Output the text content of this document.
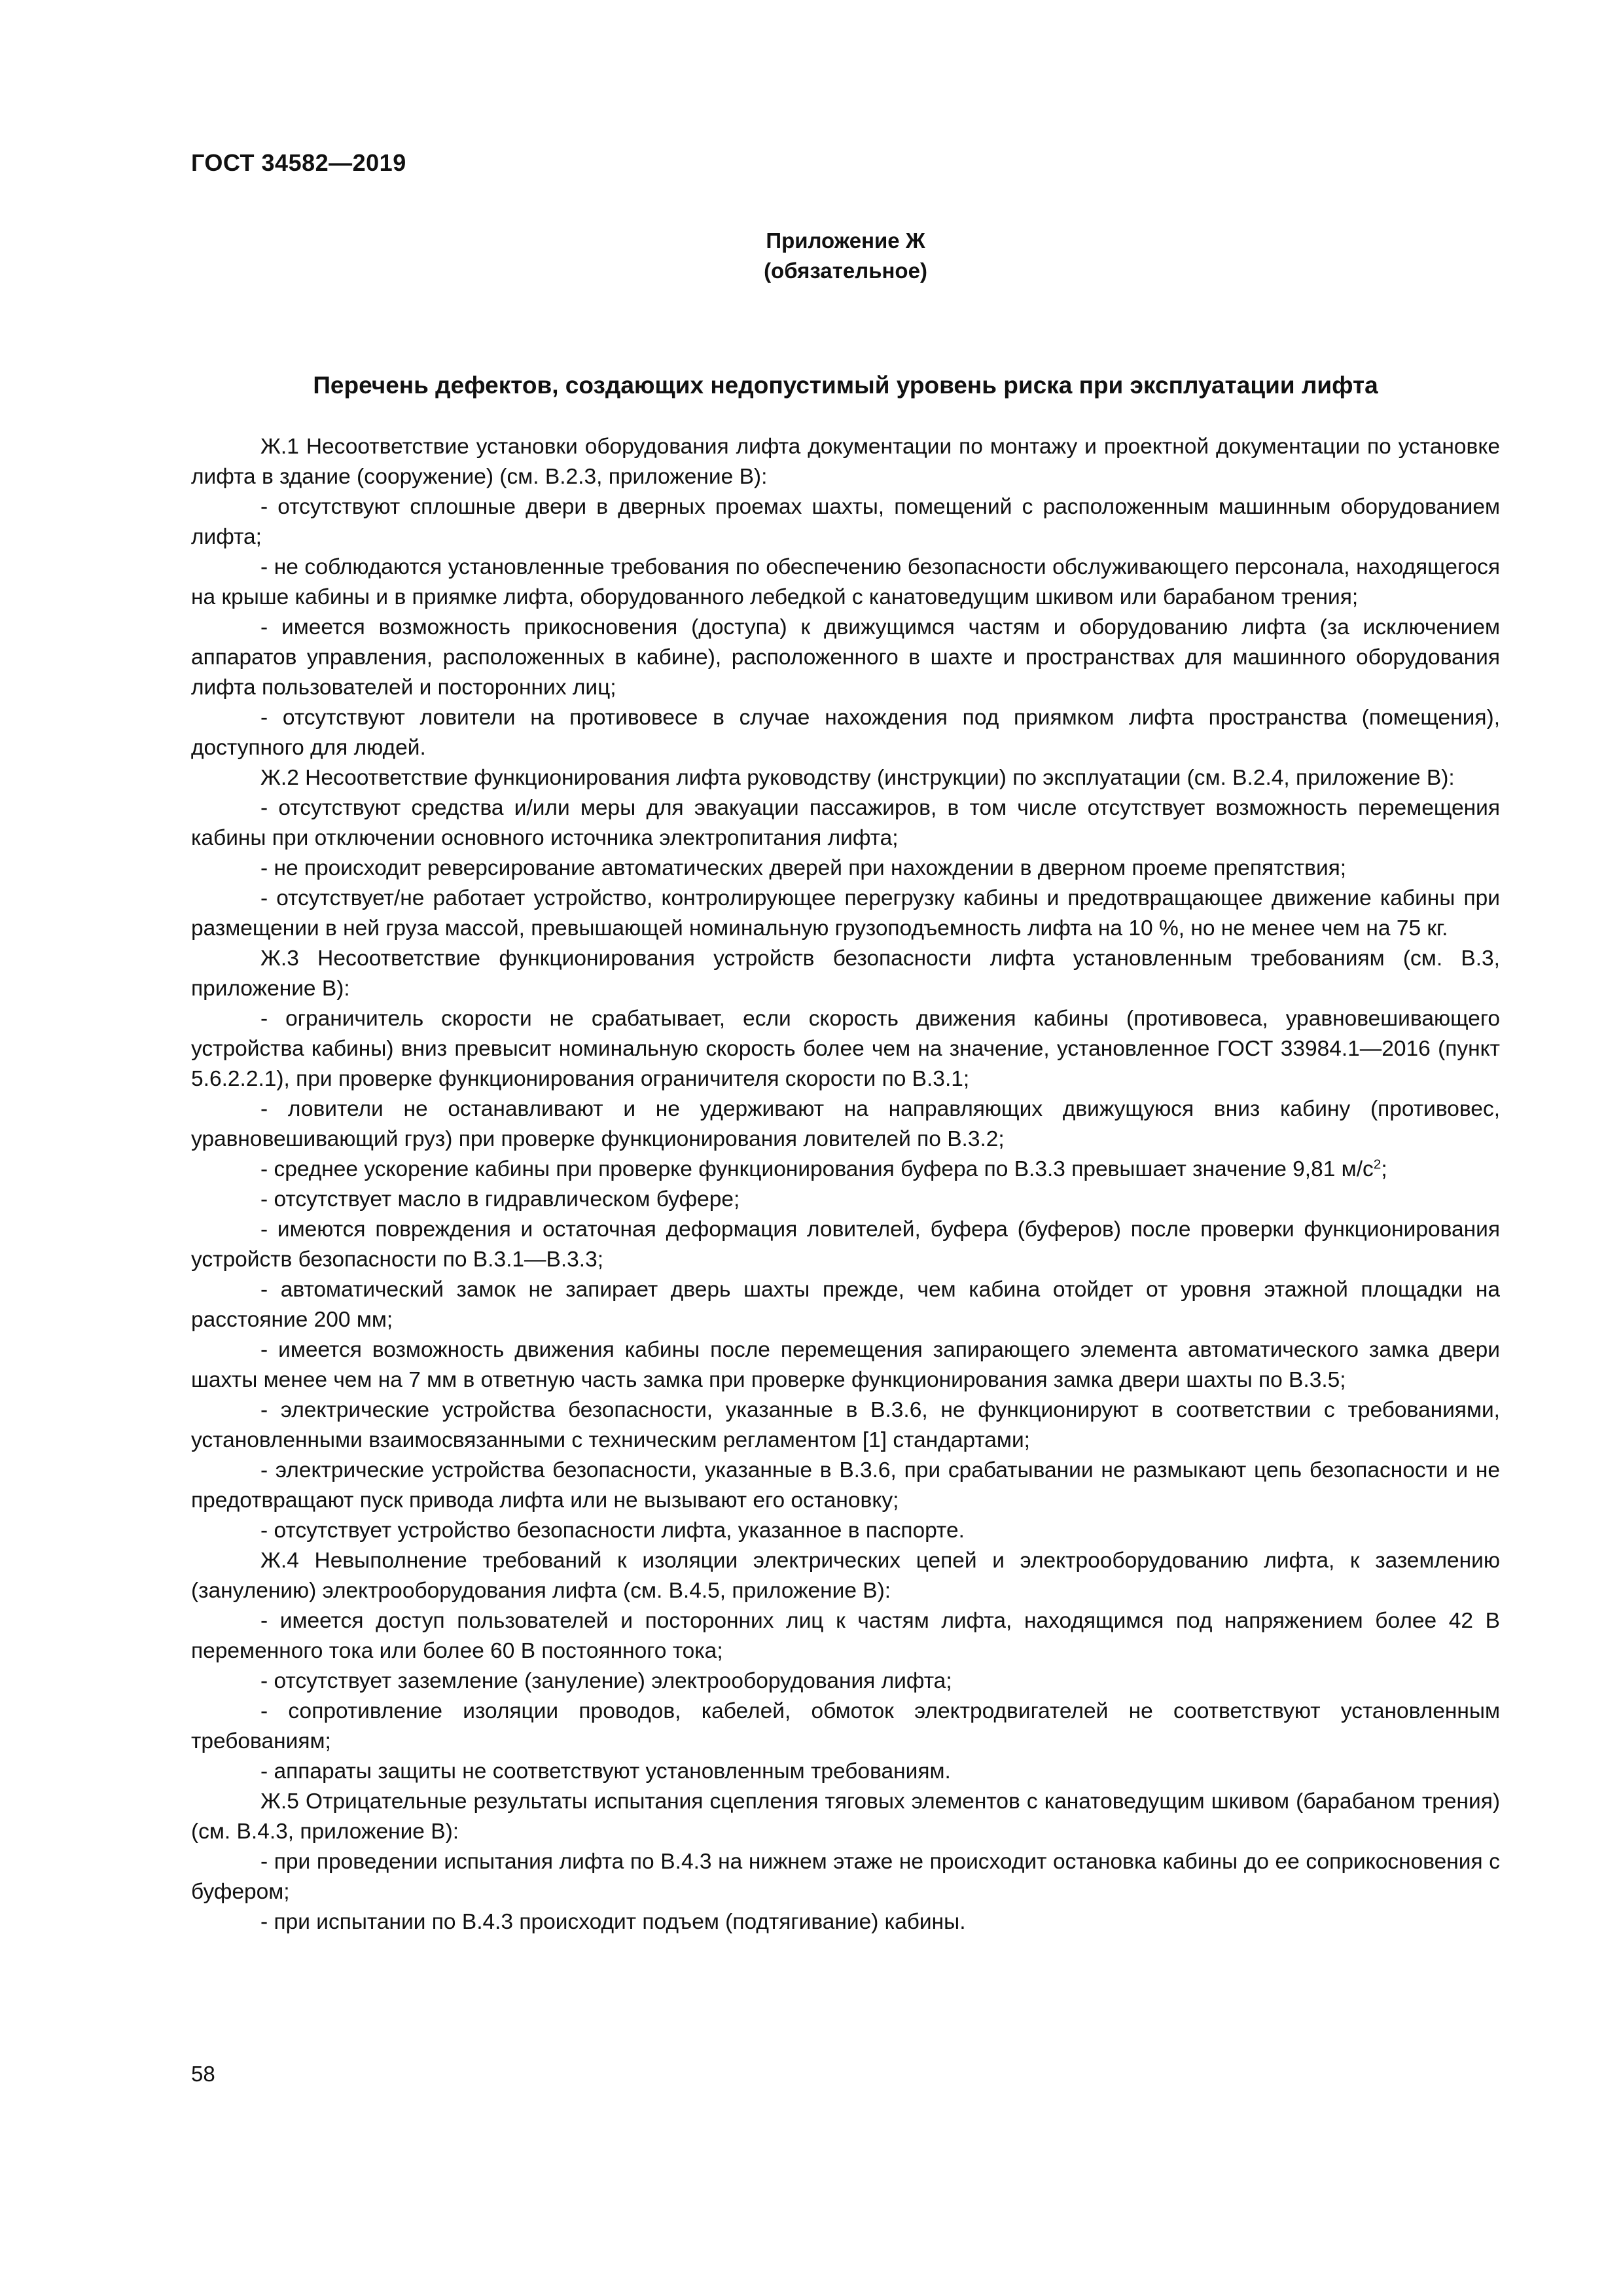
ГОСТ 34582—2019
Приложение Ж
(обязательное)
Перечень дефектов, создающих недопустимый уровень риска при эксплуатации лифта

Ж.1 Несоответствие установки оборудования лифта документации по монтажу и проектной документации по установке лифта в здание (сооружение) (см. В.2.3, приложение В):

- отсутствуют сплошные двери в дверных проемах шахты, помещений с расположенным машинным оборудованием лифта;

- не соблюдаются установленные требования по обеспечению безопасности обслуживающего персонала, находящегося на крыше кабины и в приямке лифта, оборудованного лебедкой с канатоведущим шкивом или барабаном трения;

- имеется возможность прикосновения (доступа) к движущимся частям и оборудованию лифта (за исключением аппаратов управления, расположенных в кабине), расположенного в шахте и пространствах для машинного оборудования лифта пользователей и посторонних лиц;

- отсутствуют ловители на противовесе в случае нахождения под приямком лифта пространства (помещения), доступного для людей.

Ж.2 Несоответствие функционирования лифта руководству (инструкции) по эксплуатации (см. В.2.4, приложение В):

- отсутствуют средства и/или меры для эвакуации пассажиров, в том числе отсутствует возможность перемещения кабины при отключении основного источника электропитания лифта;

- не происходит реверсирование автоматических дверей при нахождении в дверном проеме препятствия;

- отсутствует/не работает устройство, контролирующее перегрузку кабины и предотвращающее движение кабины при размещении в ней груза массой, превышающей номинальную грузоподъемность лифта на 10 %, но не менее чем на 75 кг.

Ж.3 Несоответствие функционирования устройств безопасности лифта установленным требованиям (см. В.3, приложение В):

- ограничитель скорости не срабатывает, если скорость движения кабины (противовеса, уравновешивающего устройства кабины) вниз превысит номинальную скорость более чем на значение, установленное ГОСТ 33984.1—2016 (пункт 5.6.2.2.1), при проверке функционирования ограничителя скорости по В.3.1;

- ловители не останавливают и не удерживают на направляющих движущуюся вниз кабину (противовес, уравновешивающий груз) при проверке функционирования ловителей по В.3.2;

- среднее ускорение кабины при проверке функционирования буфера по В.3.3 превышает значение 9,81 $м/с^2$;

- отсутствует масло в гидравлическом буфере;

- имеются повреждения и остаточная деформация ловителей, буфера (буферов) после проверки функционирования устройств безопасности по В.3.1—В.3.3;

- автоматический замок не запирает дверь шахты прежде, чем кабина отойдет от уровня этажной площадки на расстояние 200 мм;

- имеется возможность движения кабины после перемещения запирающего элемента автоматического замка двери шахты менее чем на 7 мм в ответную часть замка при проверке функционирования замка двери шахты по В.3.5;

- электрические устройства безопасности, указанные в В.3.6, не функционируют в соответствии с требованиями, установленными взаимосвязанными с техническим регламентом [1] стандартами;

- электрические устройства безопасности, указанные в В.3.6, при срабатывании не размыкают цепь безопасности и не предотвращают пуск привода лифта или не вызывают его остановку;

- отсутствует устройство безопасности лифта, указанное в паспорте.

Ж.4 Невыполнение требований к изоляции электрических цепей и электрооборудованию лифта, к заземлению (занулению) электрооборудования лифта (см. В.4.5, приложение В):

- имеется доступ пользователей и посторонних лиц к частям лифта, находящимся под напряжением более 42 В переменного тока или более 60 В постоянного тока;

- отсутствует заземление (зануление) электрооборудования лифта;

- сопротивление изоляции проводов, кабелей, обмоток электродвигателей не соответствуют установленным требованиям;

- аппараты защиты не соответствуют установленным требованиям.

Ж.5 Отрицательные результаты испытания сцепления тяговых элементов с канатоведущим шкивом (барабаном трения) (см. В.4.3, приложение В):

- при проведении испытания лифта по В.4.3 на нижнем этаже не происходит остановка кабины до ее соприкосновения с буфером;

- при испытании по В.4.3 происходит подъем (подтягивание) кабины.

58
